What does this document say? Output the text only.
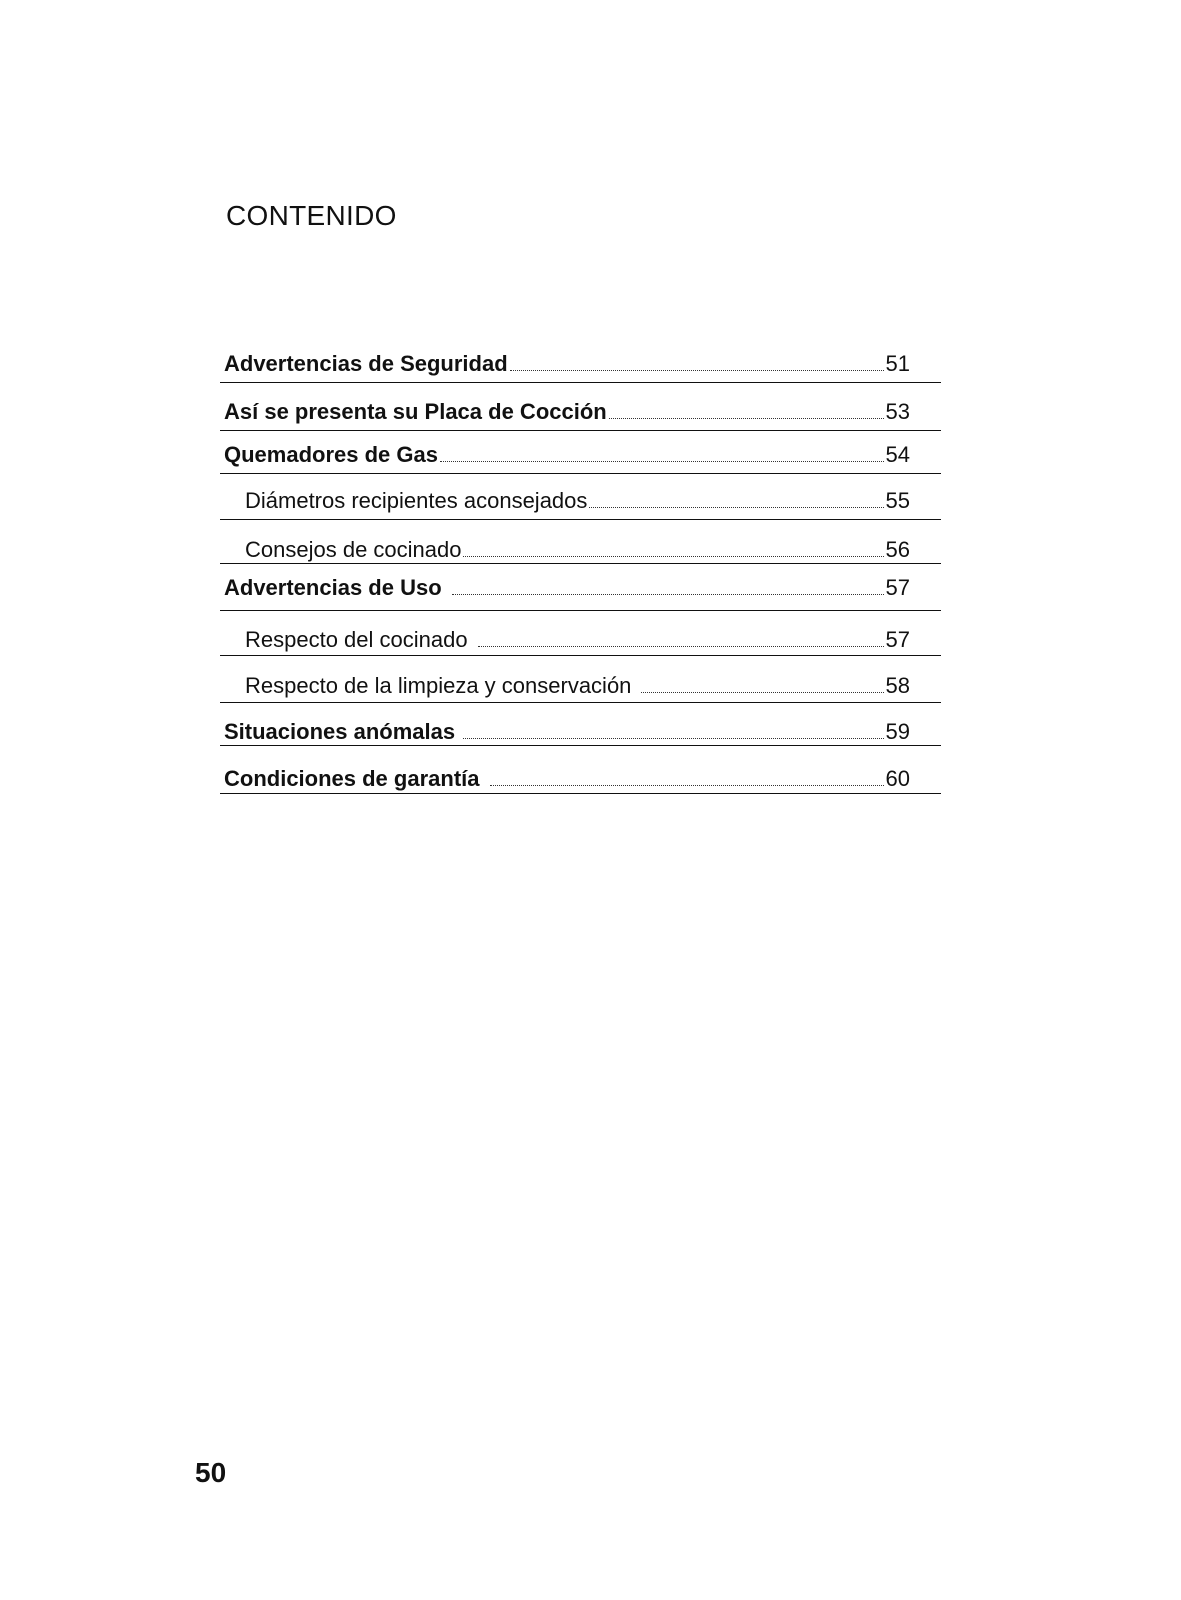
CONTENIDO
Advertencias de Seguridad	51
Así se presenta su Placa de Cocción	53
Quemadores de Gas	54
Diámetros recipientes aconsejados	55
Consejos de cocinado	56
Advertencias de Uso	57
Respecto del cocinado	57
Respecto de la limpieza y conservación	58
Situaciones anómalas	59
Condiciones de garantía	60
50
